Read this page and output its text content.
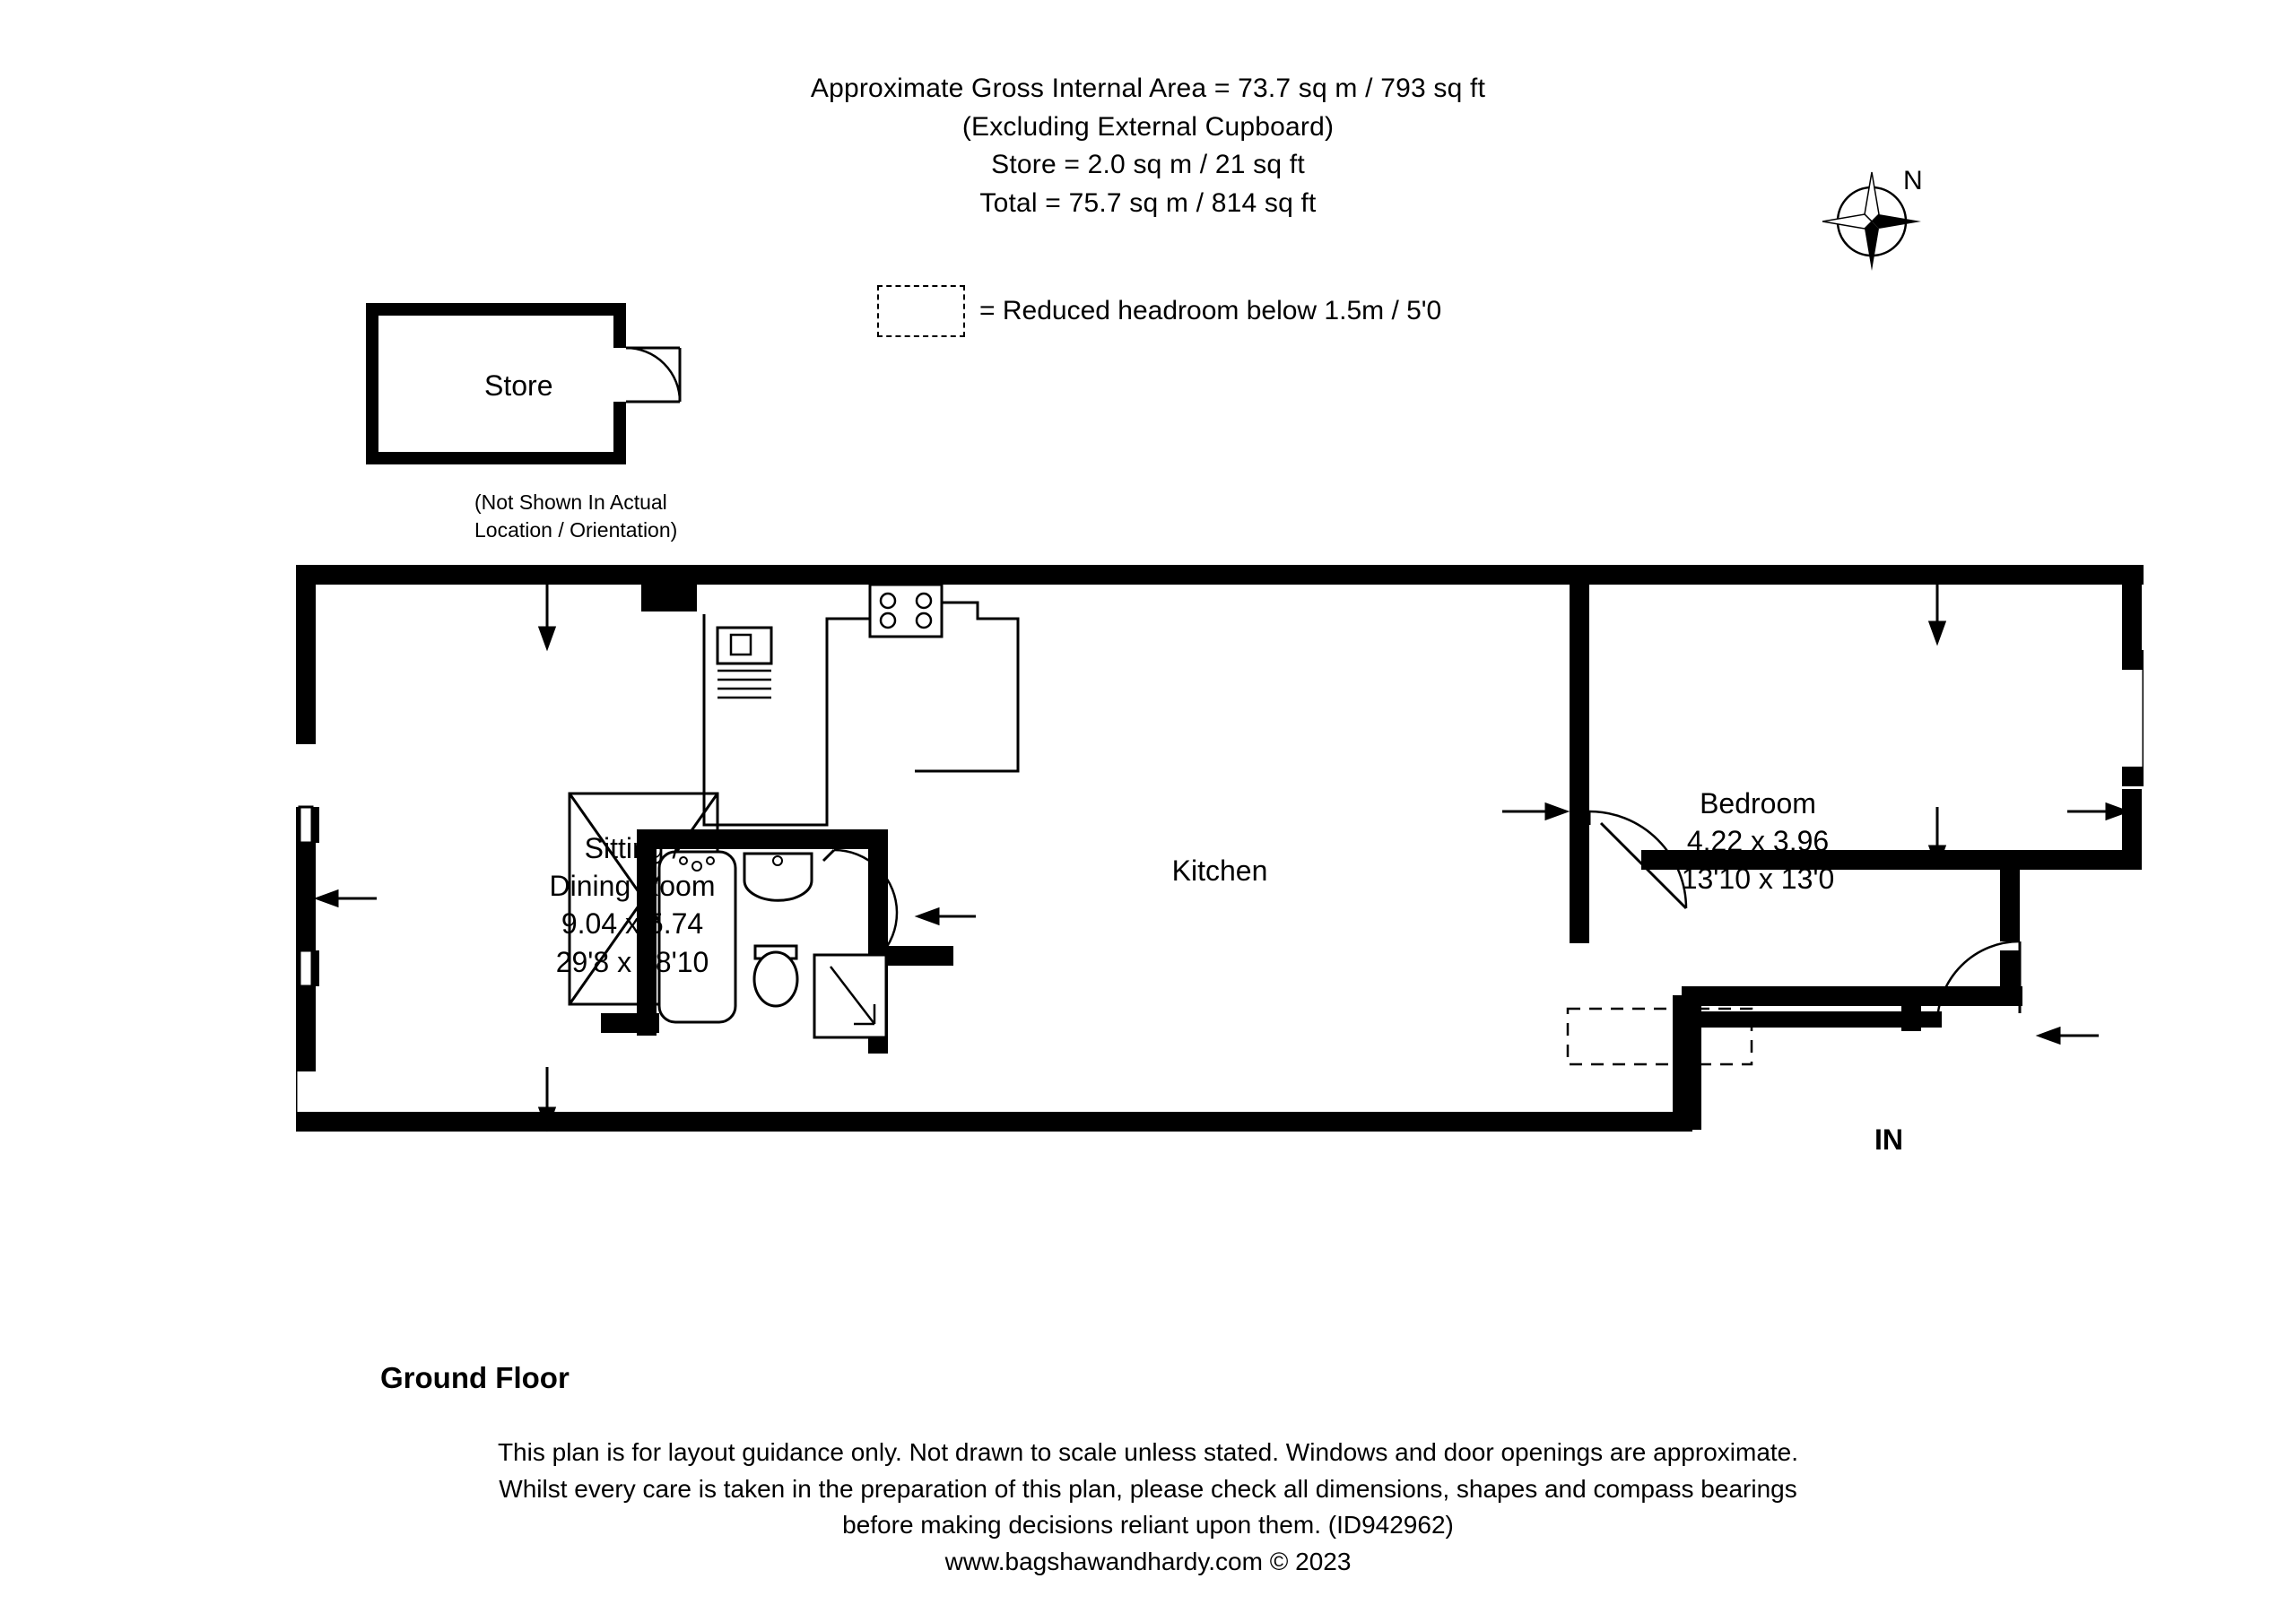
Approximate Gross Internal Area = 73.7 sq m / 793 sq ft
(Excluding External Cupboard)
Store = 2.0 sq m / 21 sq ft
Total = 75.7 sq m / 814 sq ft
= Reduced headroom below 1.5m / 5'0
N
Store
(Not Shown In Actual
Location / Orientation)
Sitting /
Dining Room
9.04 x 5.74
29'8 x 18'10
Kitchen
Bedroom
4.22 x 3.96
13'10 x 13'0
IN
Ground Floor
This plan is for layout guidance only. Not drawn to scale unless stated. Windows and door openings are approximate.
Whilst every care is taken in the preparation of this plan, please check all dimensions, shapes and compass bearings
before making decisions reliant upon them. (ID942962)
www.bagshawandhardy.com © 2023
